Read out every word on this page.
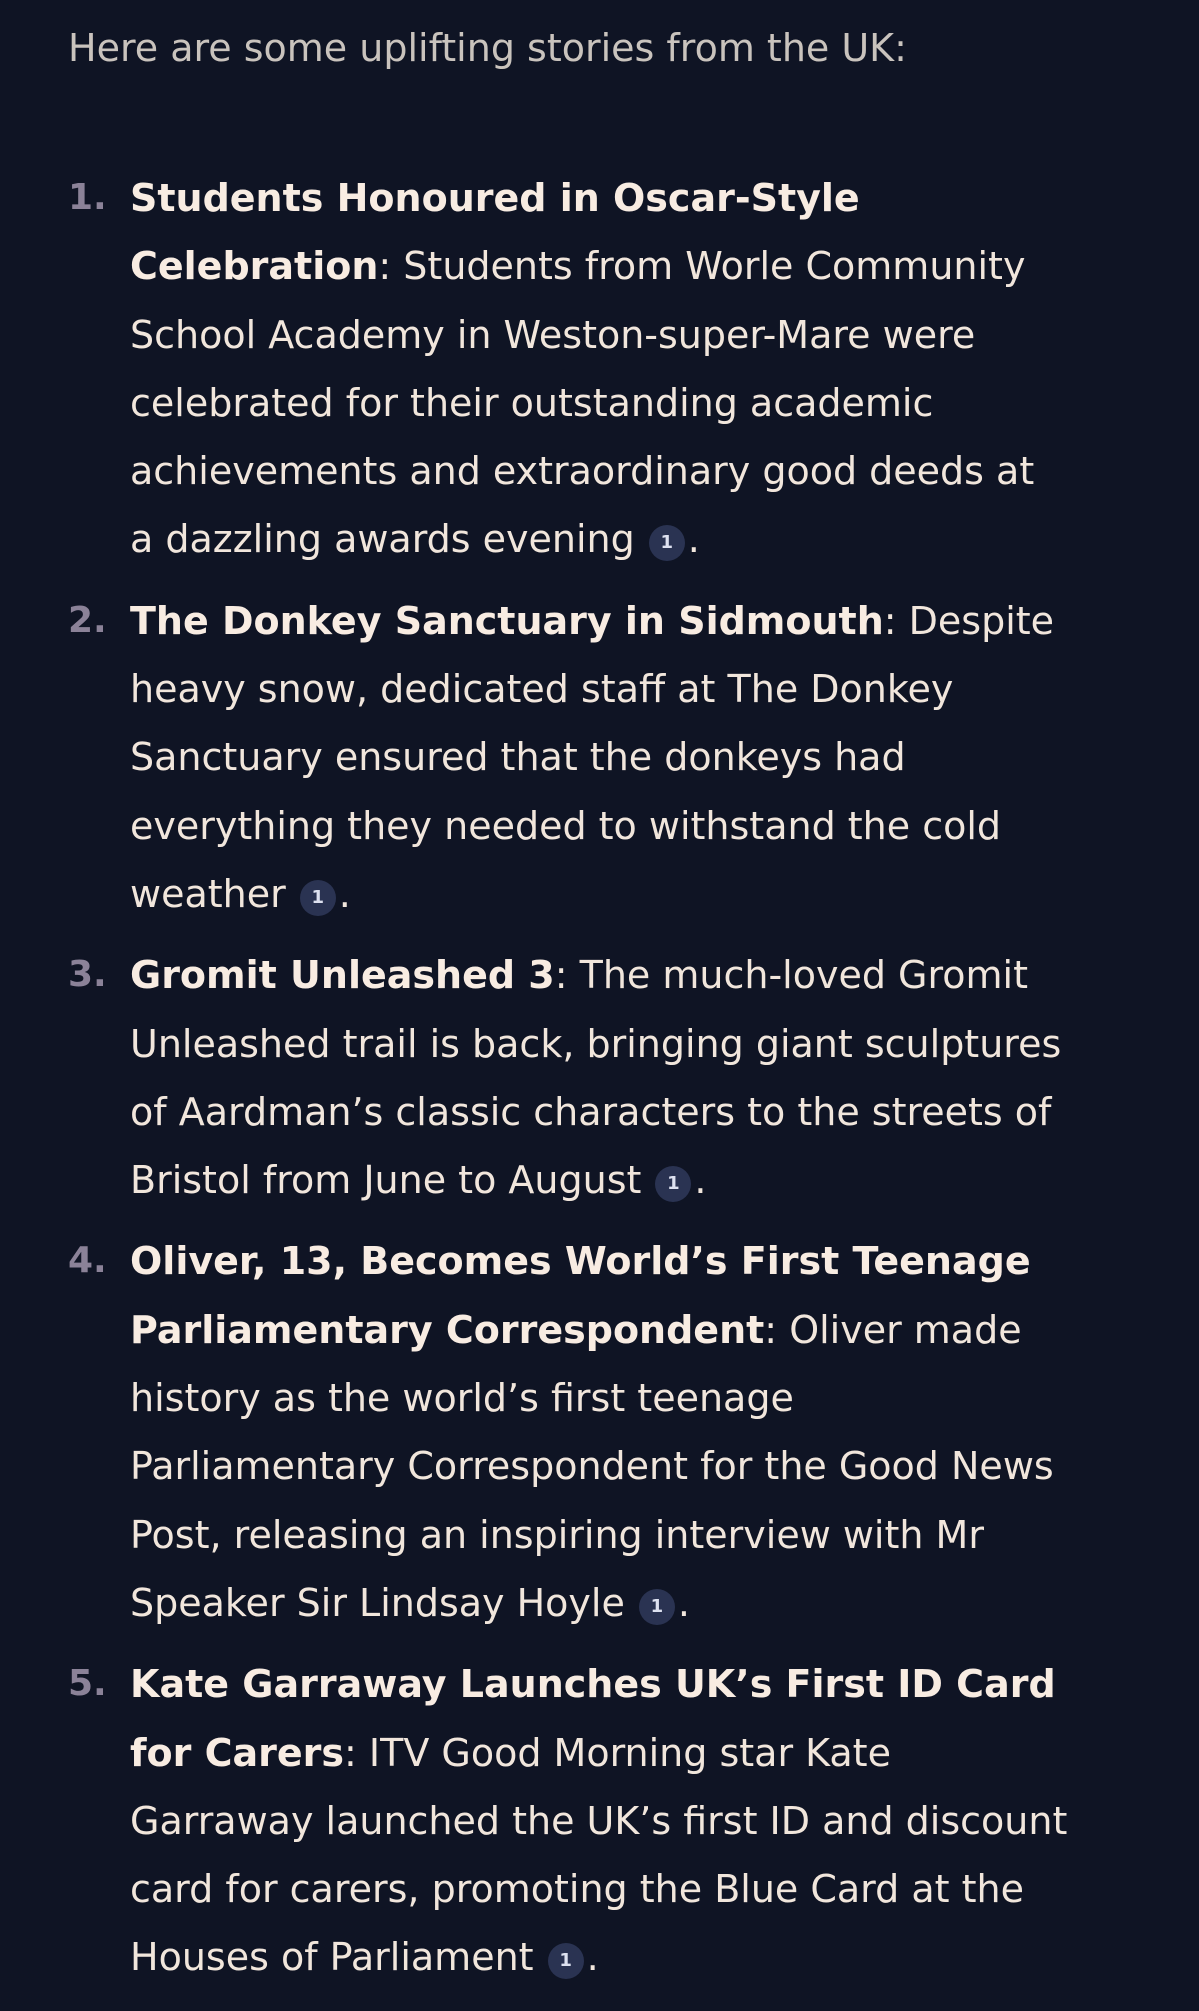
Here are some uplifting stories from the UK:

1. Students Honoured in Oscar-Style Celebration: Students from Worle Community School Academy in Weston-super-Mare were celebrated for their outstanding academic achievements and extraordinary good deeds at a dazzling awards evening 1 .
2. The Donkey Sanctuary in Sidmouth: Despite heavy snow, dedicated staff at The Donkey Sanctuary ensured that the donkeys had everything they needed to withstand the cold weather 1 .
3. Gromit Unleashed 3: The much-loved Gromit Unleashed trail is back, bringing giant sculptures of Aardman’s classic characters to the streets of Bristol from June to August 1 .
4. Oliver, 13, Becomes World’s First Teenage Parliamentary Correspondent: Oliver made history as the world’s first teenage Parliamentary Correspondent for the Good News Post, releasing an inspiring interview with Mr Speaker Sir Lindsay Hoyle 1 .
5. Kate Garraway Launches UK’s First ID Card for Carers: ITV Good Morning star Kate Garraway launched the UK’s first ID and discount card for carers, promoting the Blue Card at the Houses of Parliament 1 .
